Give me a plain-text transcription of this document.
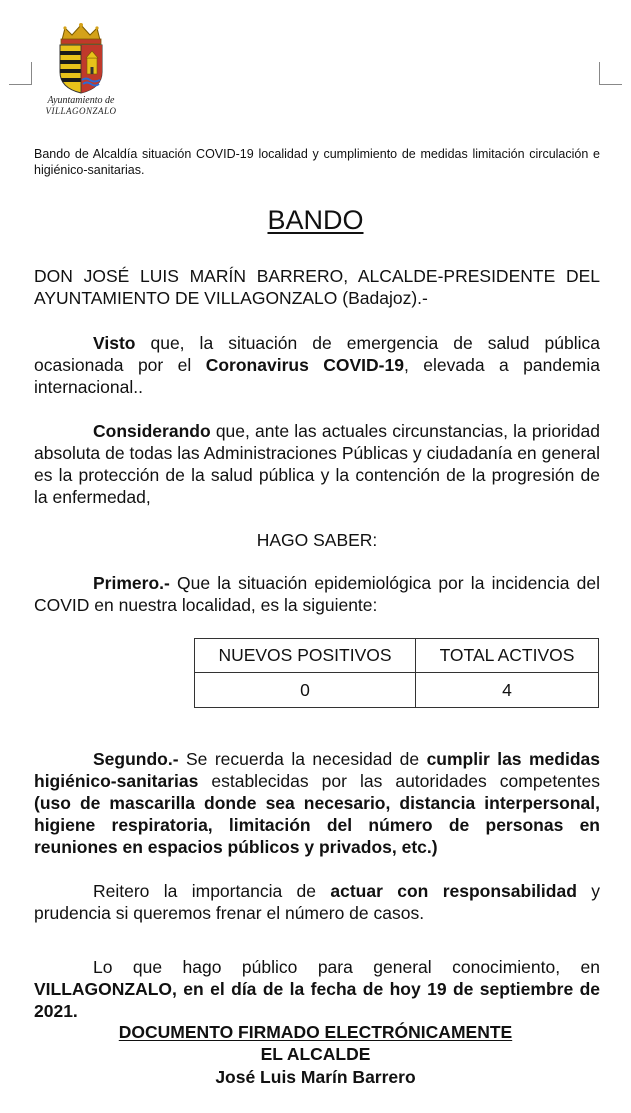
Ayuntamiento de
VILLAGONZALO
Bando de Alcaldía situación COVID-19 localidad y cumplimiento de medidas limitación circulación e higiénico-sanitarias.
BANDO
DON JOSÉ LUIS MARÍN BARRERO, ALCALDE-PRESIDENTE DEL AYUNTAMIENTO DE VILLAGONZALO (Badajoz).-
Visto que, la situación de emergencia de salud pública ocasionada por el Coronavirus COVID-19, elevada a pandemia internacional..
Considerando que, ante las actuales circunstancias, la prioridad absoluta de todas las Administraciones Públicas y ciudadanía en general es la protección de la salud pública y la contención de la progresión de la enfermedad,
HAGO SABER:
Primero.- Que la situación epidemiológica por la incidencia del COVID en nuestra localidad, es la siguiente:
NUEVOS POSITIVOS	TOTAL ACTIVOS
0	4
Segundo.- Se recuerda la necesidad de cumplir las medidas higiénico-sanitarias establecidas por las autoridades competentes (uso de mascarilla donde sea necesario, distancia interpersonal, higiene respiratoria, limitación del número de personas en reuniones en espacios públicos y privados, etc.)
Reitero la importancia de actuar con responsabilidad y prudencia si queremos frenar el número de casos.
Lo que hago público para general conocimiento, en VILLAGONZALO, en el día de la fecha de hoy 19 de septiembre de 2021.
DOCUMENTO FIRMADO ELECTRÓNICAMENTE
EL ALCALDE
José Luis Marín Barrero
